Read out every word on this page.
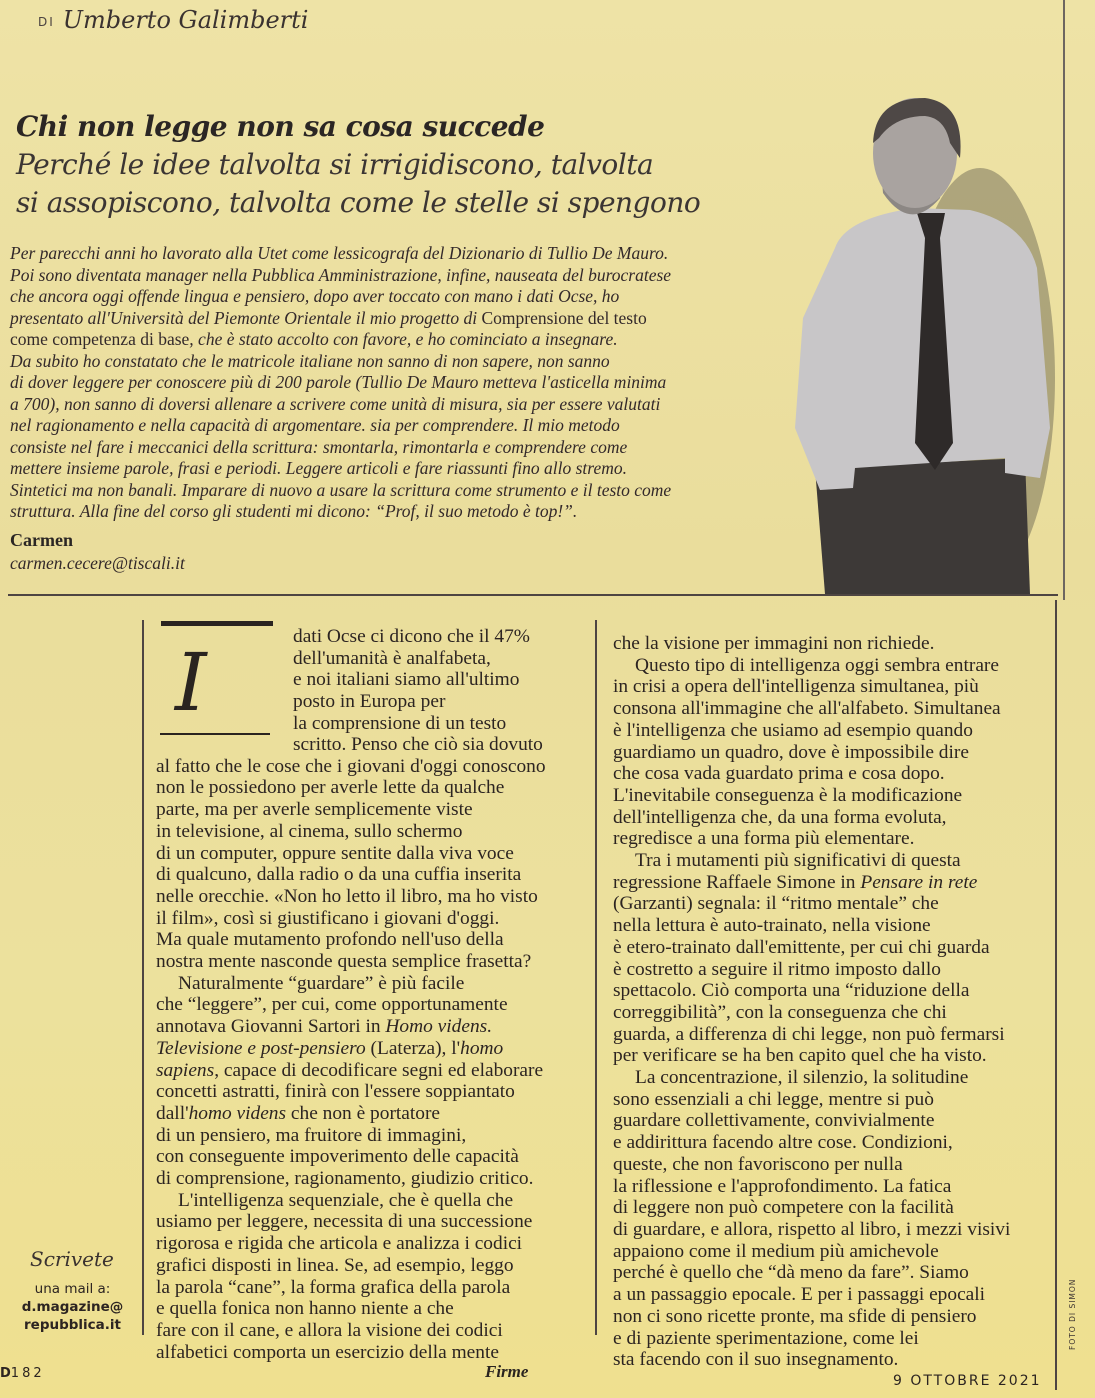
DI Umberto Galimberti
Chi non legge non sa cosa succede
Perché le idee talvolta si irrigidiscono, talvolta
si assopiscono, talvolta come le stelle si spengono
Per parecchi anni ho lavorato alla Utet come lessicografa del Dizionario di Tullio De Mauro.
Poi sono diventata manager nella Pubblica Amministrazione, infine, nauseata del burocratese
che ancora oggi offende lingua e pensiero, dopo aver toccato con mano i dati Ocse, ho
presentato all'Università del Piemonte Orientale il mio progetto di Comprensione del testo
come competenza di base, che è stato accolto con favore, e ho cominciato a insegnare.
Da subito ho constatato che le matricole italiane non sanno di non sapere, non sanno
di dover leggere per conoscere più di 200 parole (Tullio De Mauro metteva l'asticella minima
a 700), non sanno di doversi allenare a scrivere come unità di misura, sia per essere valutati
nel ragionamento e nella capacità di argomentare. sia per comprendere. Il mio metodo
consiste nel fare i meccanici della scrittura: smontarla, rimontarla e comprendere come
mettere insieme parole, frasi e periodi. Leggere articoli e fare riassunti fino allo stremo.
Sintetici ma non banali. Imparare di nuovo a usare la scrittura come strumento e il testo come
struttura. Alla fine del corso gli studenti mi dicono: “Prof, il suo metodo è top!”.
Carmen
carmen.cecere@tiscali.it
I	dati Ocse ci dicono che il 47%

dell'umanità è analfabeta,

e noi italiani siamo all'ultimo

posto in Europa per

la comprensione di un testo

scritto. Penso che ciò sia dovuto

al fatto che le cose che i giovani d'oggi conoscono

non le possiedono per averle lette da qualche

parte, ma per averle semplicemente viste

in televisione, al cinema, sullo schermo

di un computer, oppure sentite dalla viva voce

di qualcuno, dalla radio o da una cuffia inserita

nelle orecchie. «Non ho letto il libro, ma ho visto

il film», così si giustificano i giovani d'oggi.

Ma quale mutamento profondo nell'uso della

nostra mente nasconde questa semplice frasetta?

Naturalmente “guardare” è più facile

che “leggere”, per cui, come opportunamente

annotava Giovanni Sartori in Homo videns.

Televisione e post-pensiero (Laterza), l'homo

sapiens, capace di decodificare segni ed elaborare

concetti astratti, finirà con l'essere soppiantato

dall'homo videns che non è portatore

di un pensiero, ma fruitore di immagini,

con conseguente impoverimento delle capacità

di comprensione, ragionamento, giudizio critico.

L'intelligenza sequenziale, che è quella che

usiamo per leggere, necessita di una successione

rigorosa e rigida che articola e analizza i codici

grafici disposti in linea. Se, ad esempio, leggo

la parola “cane”, la forma grafica della parola

e quella fonica non hanno niente a che

fare con il cane, e allora la visione dei codici

alfabetici comporta un esercizio della mente

che la visione per immagini non richiede.

Questo tipo di intelligenza oggi sembra entrare

in crisi a opera dell'intelligenza simultanea, più

consona all'immagine che all'alfabeto. Simultanea

è l'intelligenza che usiamo ad esempio quando

guardiamo un quadro, dove è impossibile dire

che cosa vada guardato prima e cosa dopo.

L'inevitabile conseguenza è la modificazione

dell'intelligenza che, da una forma evoluta,

regredisce a una forma più elementare.

Tra i mutamenti più significativi di questa

regressione Raffaele Simone in Pensare in rete

(Garzanti) segnala: il “ritmo mentale” che

nella lettura è auto-trainato, nella visione

è etero-trainato dall'emittente, per cui chi guarda

è costretto a seguire il ritmo imposto dallo

spettacolo. Ciò comporta una “riduzione della

correggibilità”, con la conseguenza che chi

guarda, a differenza di chi legge, non può fermarsi

per verificare se ha ben capito quel che ha visto.

La concentrazione, il silenzio, la solitudine

sono essenziali a chi legge, mentre si può

guardare collettivamente, convivialmente

e addirittura facendo altre cose. Condizioni,

queste, che non favoriscono per nulla

la riflessione e l'approfondimento. La fatica

di leggere non può competere con la facilità

di guardare, e allora, rispetto al libro, i mezzi visivi

appaiono come il medium più amichevole

perché è quello che “dà meno da fare”. Siamo

a un passaggio epocale. E per i passaggi epocali

non ci sono ricette pronte, ma sfide di pensiero

e di paziente sperimentazione, come lei

sta facendo con il suo insegnamento.

Scrivete
una mail a:
d.magazine@
repubblica.it
D182	Firme	9 OTTOBRE 2021
FOTO DI SIMON
